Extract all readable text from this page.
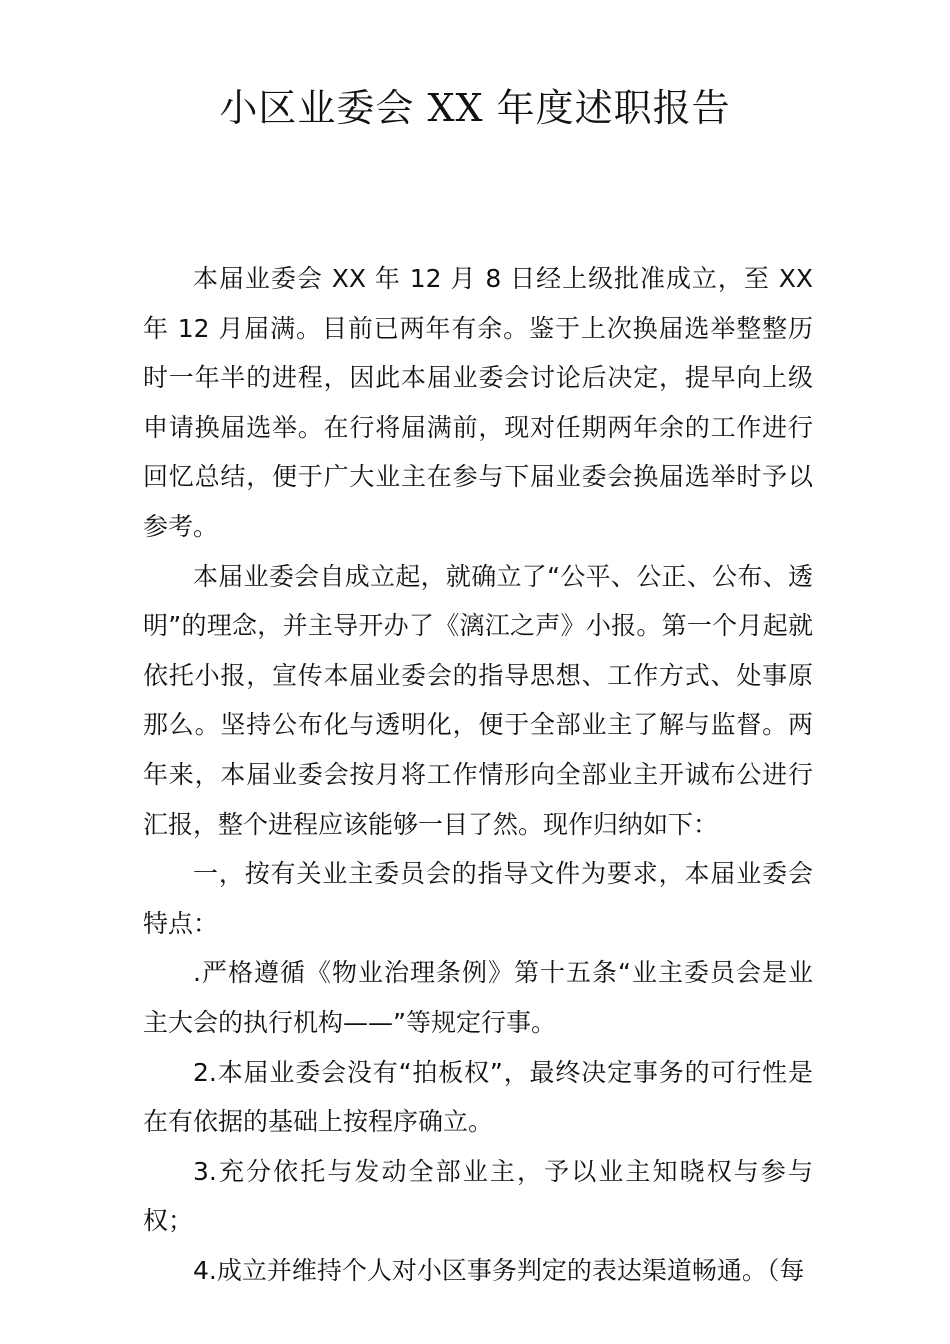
小区业委会 XX 年度述职报告

本届业委会 XX 年 12 月 8 日经上级批准成立，至 XX 年 12 月届满。目前已两年有余。鉴于上次换届选举整整历时一年半的进程，因此本届业委会讨论后决定，提早向上级申请换届选举。在行将届满前，现对任期两年余的工作进行回忆总结，便于广大业主在参与下届业委会换届选举时予以参考。

本届业委会自成立起，就确立了“公平、公正、公布、透明”的理念，并主导开办了《漓江之声》小报。第一个月起就依托小报，宣传本届业委会的指导思想、工作方式、处事原那么。坚持公布化与透明化，便于全部业主了解与监督。两年来，本届业委会按月将工作情形向全部业主开诚布公进行汇报，整个进程应该能够一目了然。现作归纳如下：

一，按有关业主委员会的指导文件为要求，本届业委会特点：

.严格遵循《物业治理条例》第十五条“业主委员会是业主大会的执行机构——”等规定行事。

2.本届业委会没有“拍板权”，最终决定事务的可行性是在有依据的基础上按程序确立。

3.充分依托与发动全部业主，予以业主知晓权与参与权；

4.成立并维持个人对小区事务判定的表达渠道畅通。（每
